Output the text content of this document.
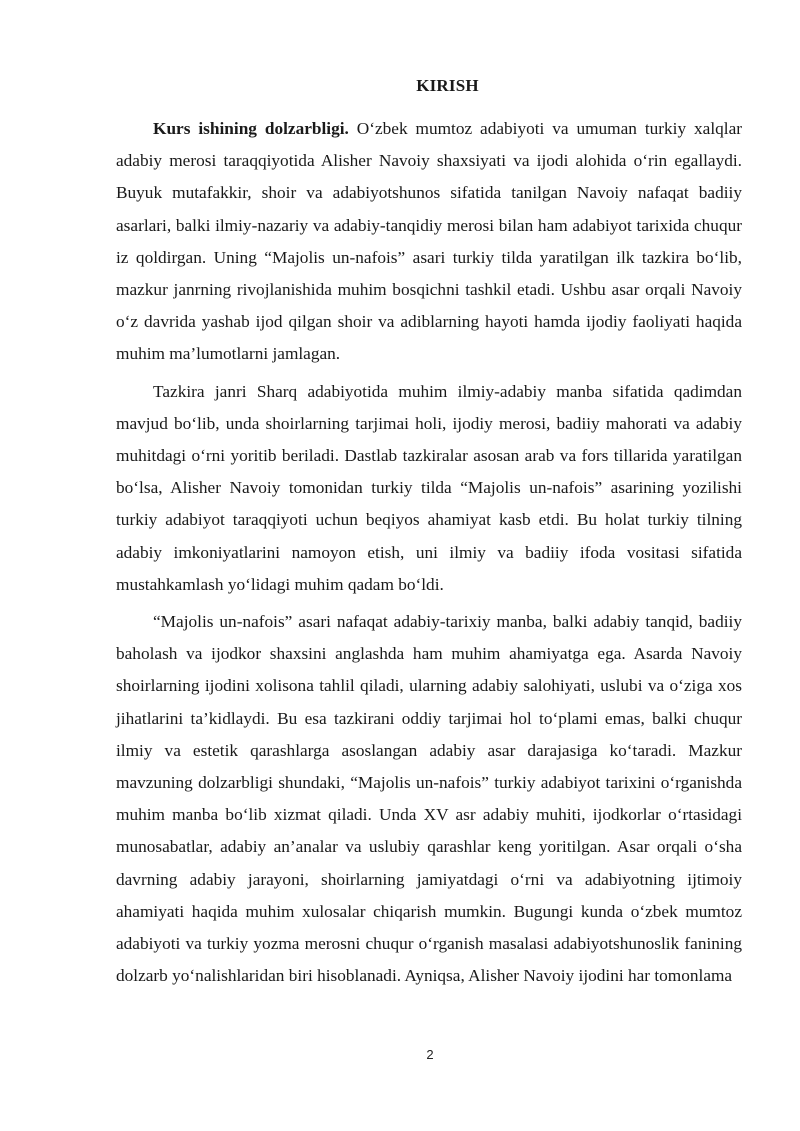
KIRISH

Kurs ishining dolzarbligi. O‘zbek mumtoz adabiyoti va umuman turkiy xalqlar adabiy merosi taraqqiyotida Alisher Navoiy shaxsiyati va ijodi alohida o‘rin egallaydi. Buyuk mutafakkir, shoir va adabiyotshunos sifatida tanilgan Navoiy nafaqat badiiy asarlari, balki ilmiy-nazariy va adabiy-tanqidiy merosi bilan ham adabiyot tarixida chuqur iz qoldirgan. Uning “Majolis un-nafois” asari turkiy tilda yaratilgan ilk tazkira bo‘lib, mazkur janrning rivojlanishida muhim bosqichni tashkil etadi. Ushbu asar orqali Navoiy o‘z davrida yashab ijod qilgan shoir va adiblarning hayoti hamda ijodiy faoliyati haqida muhim ma’lumotlarni jamlagan.

Tazkira janri Sharq adabiyotida muhim ilmiy-adabiy manba sifatida qadimdan mavjud bo‘lib, unda shoirlarning tarjimai holi, ijodiy merosi, badiiy mahorati va adabiy muhitdagi o‘rni yoritib beriladi. Dastlab tazkiralar asosan arab va fors tillarida yaratilgan bo‘lsa, Alisher Navoiy tomonidan turkiy tilda “Majolis un-nafois” asarining yozilishi turkiy adabiyot taraqqiyoti uchun beqiyos ahamiyat kasb etdi. Bu holat turkiy tilning adabiy imkoniyatlarini namoyon etish, uni ilmiy va badiiy ifoda vositasi sifatida mustahkamlash yo‘lidagi muhim qadam bo‘ldi.

“Majolis un-nafois” asari nafaqat adabiy-tarixiy manba, balki adabiy tanqid, badiiy baholash va ijodkor shaxsini anglashda ham muhim ahamiyatga ega. Asarda Navoiy shoirlarning ijodini xolisona tahlil qiladi, ularning adabiy salohiyati, uslubi va o‘ziga xos jihatlarini ta’kidlaydi. Bu esa tazkirani oddiy tarjimai hol to‘plami emas, balki chuqur ilmiy va estetik qarashlarga asoslangan adabiy asar darajasiga ko‘taradi. Mazkur mavzuning dolzarbligi shundaki, “Majolis un-nafois” turkiy adabiyot tarixini o‘rganishda muhim manba bo‘lib xizmat qiladi. Unda XV asr adabiy muhiti, ijodkorlar o‘rtasidagi munosabatlar, adabiy an’analar va uslubiy qarashlar keng yoritilgan. Asar orqali o‘sha davrning adabiy jarayoni, shoirlarning jamiyatdagi o‘rni va adabiyotning ijtimoiy ahamiyati haqida muhim xulosalar chiqarish mumkin. Bugungi kunda o‘zbek mumtoz adabiyoti va turkiy yozma merosni chuqur o‘rganish masalasi adabiyotshunoslik fanining dolzarb yo‘nalishlaridan biri hisoblanadi. Ayniqsa, Alisher Navoiy ijodini har tomonlama

2
